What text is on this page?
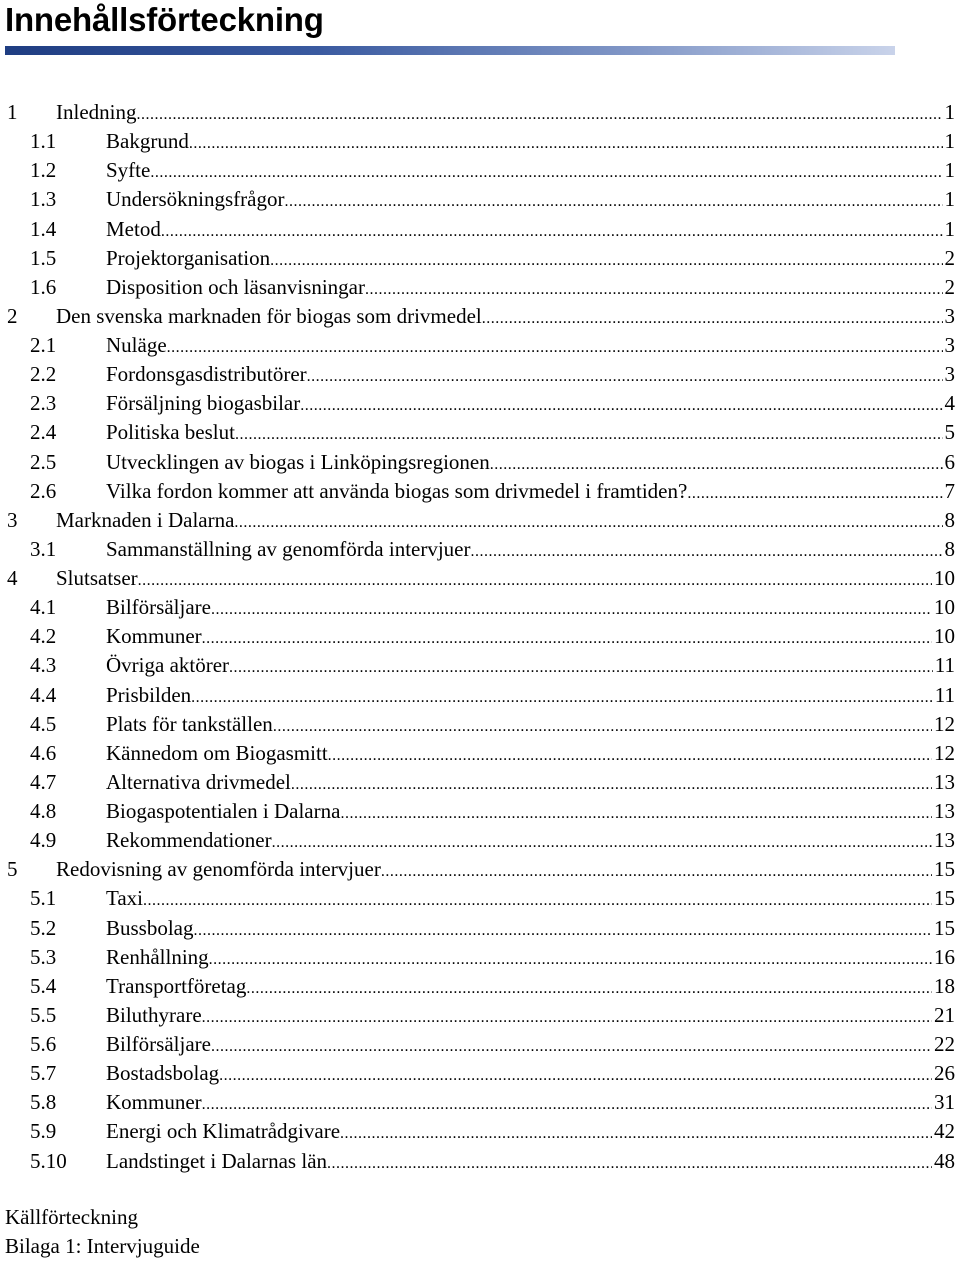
Innehållsförteckning
1 Inledning .....	1
1.1 Bakgrund .....	1
1.2 Syfte .....	1
1.3 Undersökningsfrågor .....	1
1.4 Metod .....	1
1.5 Projektorganisation .....	2
1.6 Disposition och läsanvisningar .....	2
2 Den svenska marknaden för biogas som drivmedel .....	3
2.1 Nuläge .....	3
2.2 Fordonsgasdistributörer .....	3
2.3 Försäljning biogasbilar .....	4
2.4 Politiska beslut .....	5
2.5 Utvecklingen av biogas i Linköpingsregionen .....	6
2.6 Vilka fordon kommer att använda biogas som drivmedel i framtiden? .....	7
3 Marknaden i Dalarna .....	8
3.1 Sammanställning av genomförda intervjuer .....	8
4 Slutsatser .....	10
4.1 Bilförsäljare .....	10
4.2 Kommuner .....	10
4.3 Övriga aktörer .....	11
4.4 Prisbilden .....	11
4.5 Plats för tankställen .....	12
4.6 Kännedom om Biogasmitt .....	12
4.7 Alternativa drivmedel .....	13
4.8 Biogaspotentialen i Dalarna .....	13
4.9 Rekommendationer .....	13
5 Redovisning av genomförda intervjuer .....	15
5.1 Taxi .....	15
5.2 Bussbolag .....	15
5.3 Renhållning .....	16
5.4 Transportföretag .....	18
5.5 Biluthyrare .....	21
5.6 Bilförsäljare .....	22
5.7 Bostadsbolag .....	26
5.8 Kommuner .....	31
5.9 Energi och Klimatrådgivare .....	42
5.10 Landstinget i Dalarnas län .....	48
Källförteckning
Bilaga 1: Intervjuguide
